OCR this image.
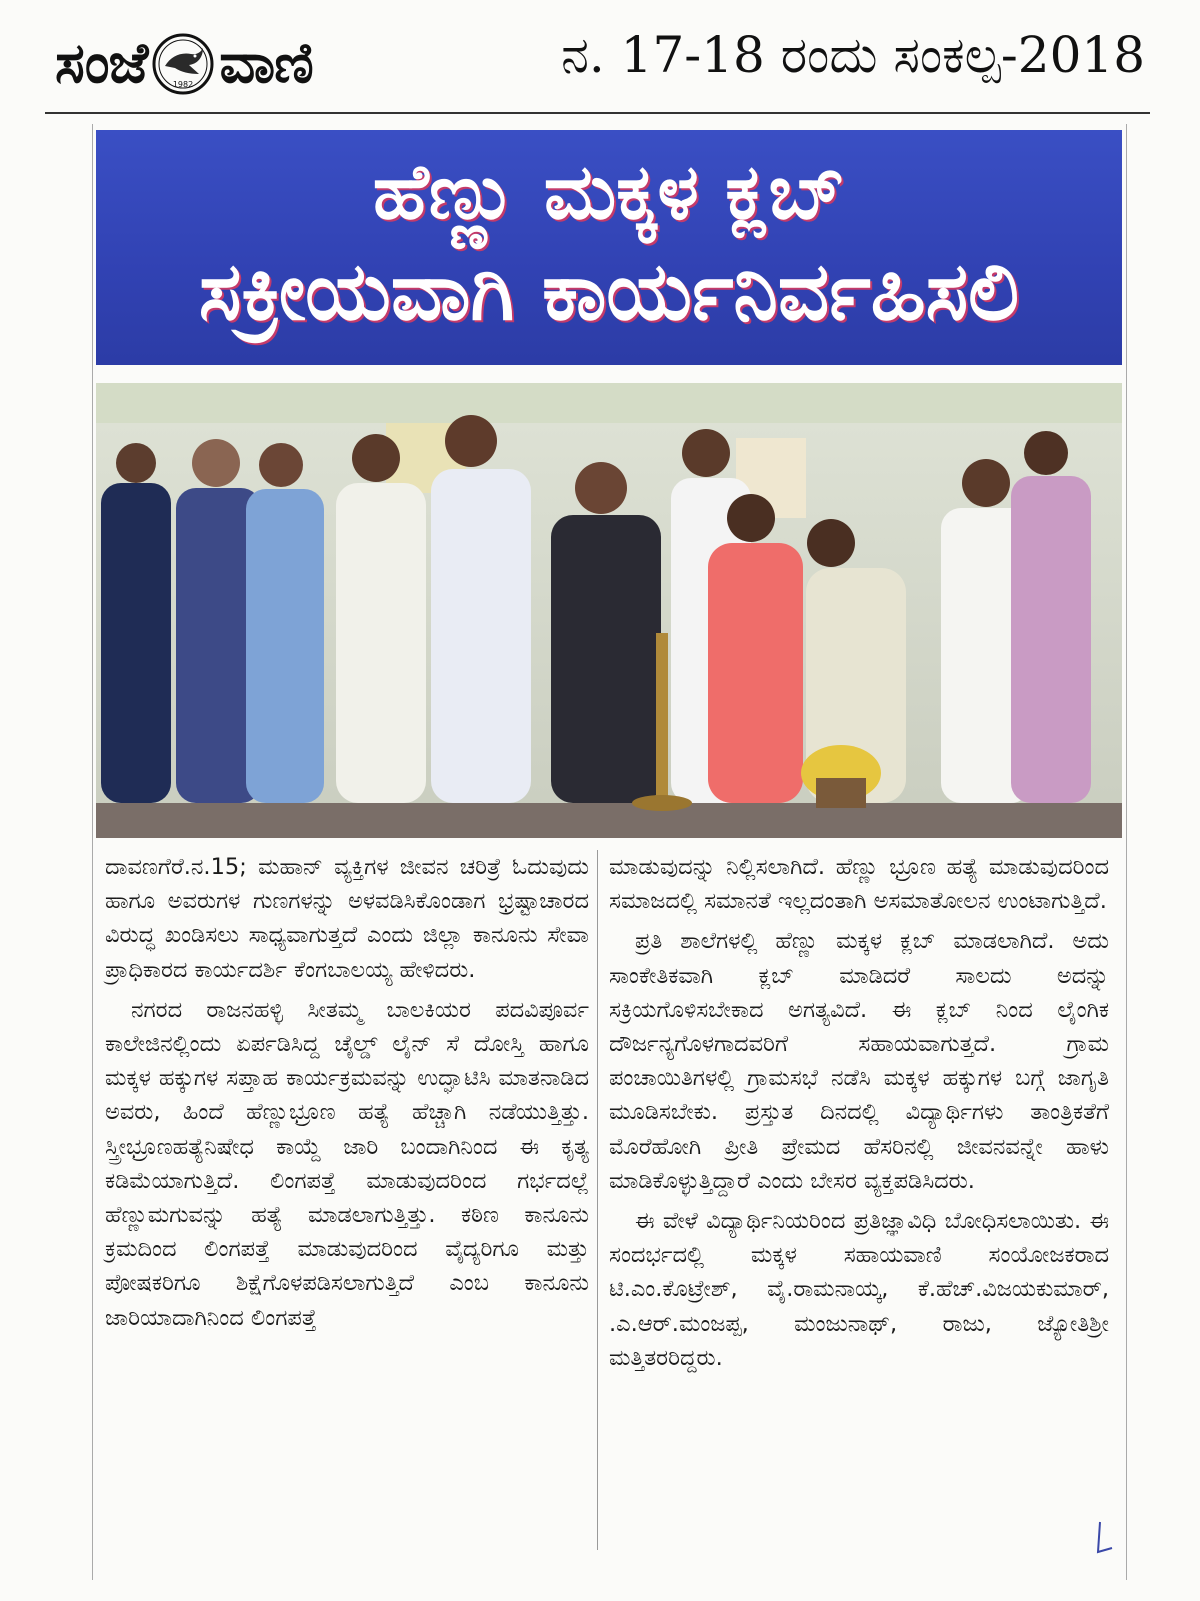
ಸಂಜೆ	1982 ವಾಣಿ	ನ. 17-18 ರಂದು ಸಂಕಲ್ಪ-2018
ಹೆಣ್ಣು ಮಕ್ಕಳ ಕ್ಲಬ್
ಸಕ್ರೀಯವಾಗಿ ಕಾರ್ಯನಿರ್ವಹಿಸಲಿ

ದಾವಣಗೆರೆ.ನ.15; ಮಹಾನ್ ವ್ಯಕ್ತಿಗಳ ಜೀವನ ಚರಿತ್ರೆ ಓದುವುದು ಹಾಗೂ ಅವರುಗಳ ಗುಣಗಳನ್ನು ಅಳವಡಿಸಿಕೊಂಡಾಗ ಭ್ರಷ್ಟಾಚಾರದ ವಿರುದ್ಧ ಖಂಡಿಸಲು ಸಾಧ್ಯವಾಗುತ್ತದೆ ಎಂದು ಜಿಲ್ಲಾ ಕಾನೂನು ಸೇವಾ ಪ್ರಾಧಿಕಾರದ ಕಾರ್ಯದರ್ಶಿ ಕೆಂಗಬಾಲಯ್ಯ ಹೇಳಿದರು.

ನಗರದ ರಾಜನಹಳ್ಳಿ ಸೀತಮ್ಮ ಬಾಲಕಿಯರ ಪದವಿಪೂರ್ವ ಕಾಲೇಜಿನಲ್ಲಿಂದು ಏರ್ಪಡಿಸಿದ್ದ ಚೈಲ್ಡ್ ಲೈನ್ ಸೆ ದೋಸ್ತಿ ಹಾಗೂ ಮಕ್ಕಳ ಹಕ್ಕುಗಳ ಸಪ್ತಾಹ ಕಾರ್ಯಕ್ರಮವನ್ನು ಉದ್ಘಾಟಿಸಿ ಮಾತನಾಡಿದ ಅವರು, ಹಿಂದೆ ಹೆಣ್ಣುಭ್ರೂಣ ಹತ್ಯೆ ಹೆಚ್ಚಾಗಿ ನಡೆಯುತ್ತಿತ್ತು. ಸ್ತ್ರೀಭ್ರೂಣಹತ್ಯೆನಿಷೇಧ ಕಾಯ್ದೆ ಜಾರಿ ಬಂದಾಗಿನಿಂದ ಈ ಕೃತ್ಯ ಕಡಿಮೆಯಾಗುತ್ತಿದೆ. ಲಿಂಗಪತ್ತೆ ಮಾಡುವುದರಿಂದ ಗರ್ಭದಲ್ಲೆ ಹೆಣ್ಣುಮಗುವನ್ನು ಹತ್ಯೆ ಮಾಡಲಾಗುತ್ತಿತ್ತು. ಕಠಿಣ ಕಾನೂನು ಕ್ರಮದಿಂದ ಲಿಂಗಪತ್ತೆ ಮಾಡುವುದರಿಂದ ವೈದ್ಯರಿಗೂ ಮತ್ತು ಪೋಷಕರಿಗೂ ಶಿಕ್ಷೆಗೊಳಪಡಿಸಲಾಗುತ್ತಿದೆ ಎಂಬ ಕಾನೂನು ಜಾರಿಯಾದಾಗಿನಿಂದ ಲಿಂಗಪತ್ತೆ

ಮಾಡುವುದನ್ನು ನಿಲ್ಲಿಸಲಾಗಿದೆ. ಹೆಣ್ಣು ಭ್ರೂಣ ಹತ್ಯೆ ಮಾಡುವುದರಿಂದ ಸಮಾಜದಲ್ಲಿ ಸಮಾನತೆ ಇಲ್ಲದಂತಾಗಿ ಅಸಮಾತೋಲನ ಉಂಟಾಗುತ್ತಿದೆ.

ಪ್ರತಿ ಶಾಲೆಗಳಲ್ಲಿ ಹೆಣ್ಣು ಮಕ್ಕಳ ಕ್ಲಬ್ ಮಾಡಲಾಗಿದೆ. ಅದು ಸಾಂಕೇತಿಕವಾಗಿ ಕ್ಲಬ್ ಮಾಡಿದರೆ ಸಾಲದು ಅದನ್ನು ಸಕ್ರಿಯಗೊಳಿಸಬೇಕಾದ ಅಗತ್ಯವಿದೆ. ಈ ಕ್ಲಬ್ ನಿಂದ ಲೈಂಗಿಕ ದೌರ್ಜನ್ಯಗೊಳಗಾದವರಿಗೆ ಸಹಾಯವಾಗುತ್ತದೆ. ಗ್ರಾಮ ಪಂಚಾಯಿತಿಗಳಲ್ಲಿ ಗ್ರಾಮಸಭೆ ನಡೆಸಿ ಮಕ್ಕಳ ಹಕ್ಕುಗಳ ಬಗ್ಗೆ ಜಾಗೃತಿ ಮೂಡಿಸಬೇಕು. ಪ್ರಸ್ತುತ ದಿನದಲ್ಲಿ ವಿದ್ಯಾರ್ಥಿಗಳು ತಾಂತ್ರಿಕತೆಗೆ ಮೊರೆಹೋಗಿ ಪ್ರೀತಿ ಪ್ರೇಮದ ಹೆಸರಿನಲ್ಲಿ ಜೀವನವನ್ನೇ ಹಾಳು ಮಾಡಿಕೊಳ್ಳುತ್ತಿದ್ದಾರೆ ಎಂದು ಬೇಸರ ವ್ಯಕ್ತಪಡಿಸಿದರು.

ಈ ವೇಳೆ ವಿದ್ಯಾರ್ಥಿನಿಯರಿಂದ ಪ್ರತಿಜ್ಞಾವಿಧಿ ಬೋಧಿಸಲಾಯಿತು. ಈ ಸಂದರ್ಭದಲ್ಲಿ ಮಕ್ಕಳ ಸಹಾಯವಾಣಿ ಸಂಯೋಜಕರಾದ ಟಿ.ಎಂ.ಕೊಟ್ರೇಶ್, ವೈ.ರಾಮನಾಯ್ಕ, ಕೆ.ಹೆಚ್.ವಿಜಯಕುಮಾರ್, .ಎ.ಆರ್.ಮಂಜಪ್ಪ, ಮಂಜುನಾಥ್, ರಾಜು, ಜ್ಯೋತಿಶ್ರೀ ಮತ್ತಿತರರಿದ್ದರು.
